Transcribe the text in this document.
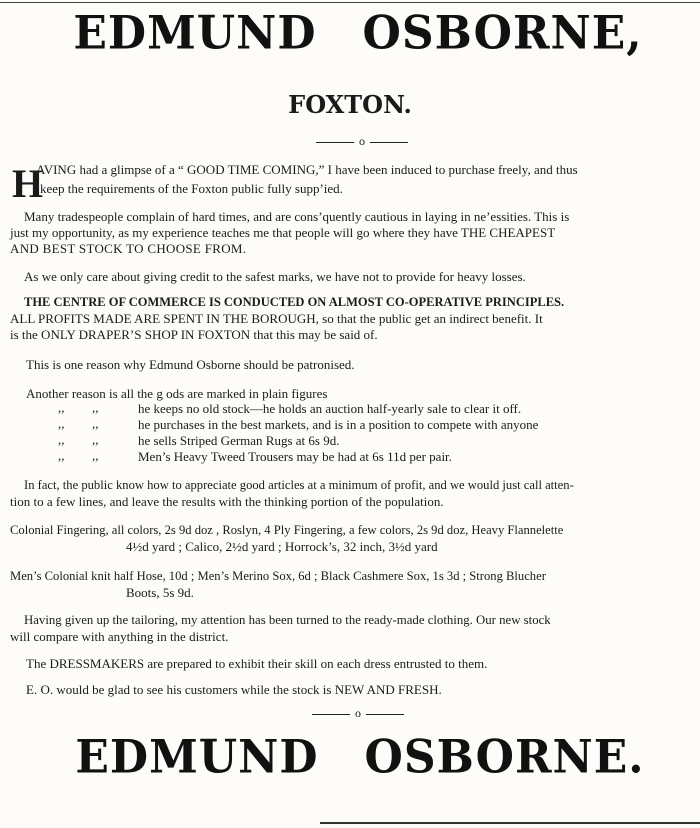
EDMUND OSBORNE,
FOXTON.
o
H
AVING had a glimpse of a “ GOOD TIME COMING,” I have been induced to purchase freely, and thus
keep the requirements of the Foxton public fully supp’ied.
Many tradespeople complain of hard times, and are cons’quently cautious in laying in ne’essities. This is
just my opportunity, as my experience teaches me that people will go where they have THE CHEAPEST
AND BEST STOCK TO CHOOSE FROM.
As we only care about giving credit to the safest marks, we have not to provide for heavy losses.
THE CENTRE OF COMMERCE IS CONDUCTED ON ALMOST CO-OPERATIVE PRINCIPLES.
ALL PROFITS MADE ARE SPENT IN THE BOROUGH, so that the public get an indirect benefit. It
is the ONLY DRAPER’S SHOP IN FOXTON that this may be said of.
This is one reason why Edmund Osborne should be patronised.
Another reason is all the g ods are marked in plain figures
,, ,,	he keeps no old stock—he holds an auction half-yearly sale to clear it off.
,, ,,	he purchases in the best markets, and is in a position to compete with anyone
,, ,,	he sells Striped German Rugs at 6s 9d.
,, ,,	Men’s Heavy Tweed Trousers may be had at 6s 11d per pair.
In fact, the public know how to appreciate good articles at a minimum of profit, and we would just call atten-
tion to a few lines, and leave the results with the thinking portion of the population.
Colonial Fingering, all colors, 2s 9d doz , Roslyn, 4 Ply Fingering, a few colors, 2s 9d doz, Heavy Flannelette
4½d yard ; Calico, 2½d yard ; Horrock’s, 32 inch, 3½d yard
Men’s Colonial knit half Hose, 10d ; Men’s Merino Sox, 6d ; Black Cashmere Sox, 1s 3d ; Strong Blucher
Boots, 5s 9d.
Having given up the tailoring, my attention has been turned to the ready-made clothing. Our new stock
will compare with anything in the district.
The DRESSMAKERS are prepared to exhibit their skill on each dress entrusted to them.
E. O. would be glad to see his customers while the stock is NEW AND FRESH.
o
EDMUND OSBORNE.
